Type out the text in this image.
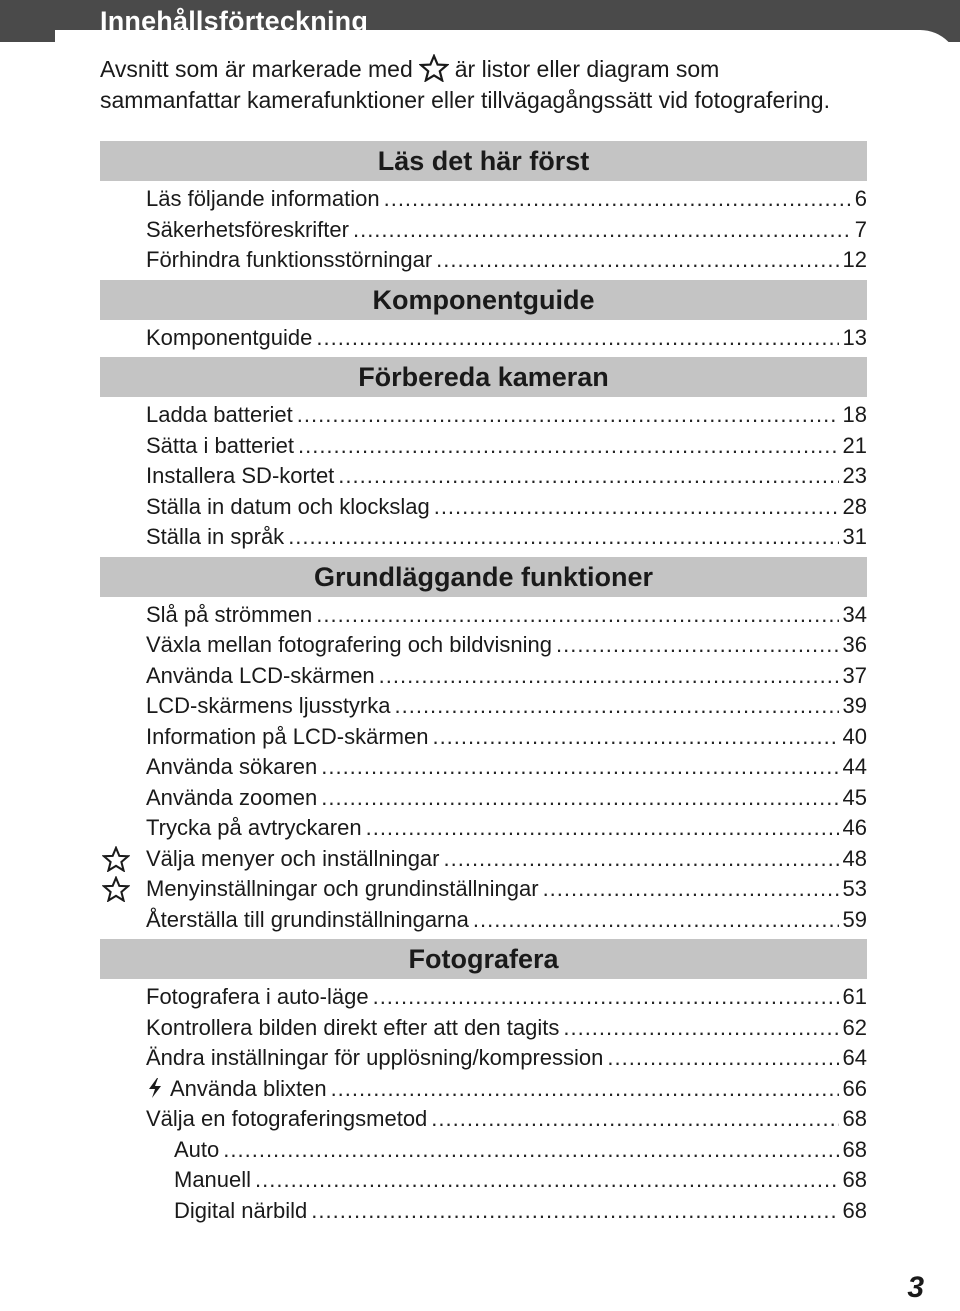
Innehållsförteckning
Avsnitt som är markerade med är listor eller diagram som
sammanfattar kamerafunktioner eller tillvägagångssätt vid fotografering.
Läs det här först
Läs följande information .....	6
Säkerhetsföreskrifter .....	7
Förhindra funktionsstörningar .....	12
Komponentguide
Komponentguide .....	13
Förbereda kameran
Ladda batteriet .....	18
Sätta i batteriet .....	21
Installera SD-kortet .....	23
Ställa in datum och klockslag .....	28
Ställa in språk .....	31
Grundläggande funktioner
Slå på strömmen .....	34
Växla mellan fotografering och bildvisning .....	36
Använda LCD-skärmen .....	37
LCD-skärmens ljusstyrka .....	39
Information på LCD-skärmen .....	40
Använda sökaren .....	44
Använda zoomen .....	45
Trycka på avtryckaren .....	46
Välja menyer och inställningar .....	48
Menyinställningar och grundinställningar .....	53
Återställa till grundinställningarna .....	59
Fotografera
Fotografera i auto-läge .....	61
Kontrollera bilden direkt efter att den tagits .....	62
Ändra inställningar för upplösning/kompression .....	64
Använda blixten .....	66
Välja en fotograferingsmetod .....	68
Auto .....	68
Manuell .....	68
Digital närbild .....	68
3
